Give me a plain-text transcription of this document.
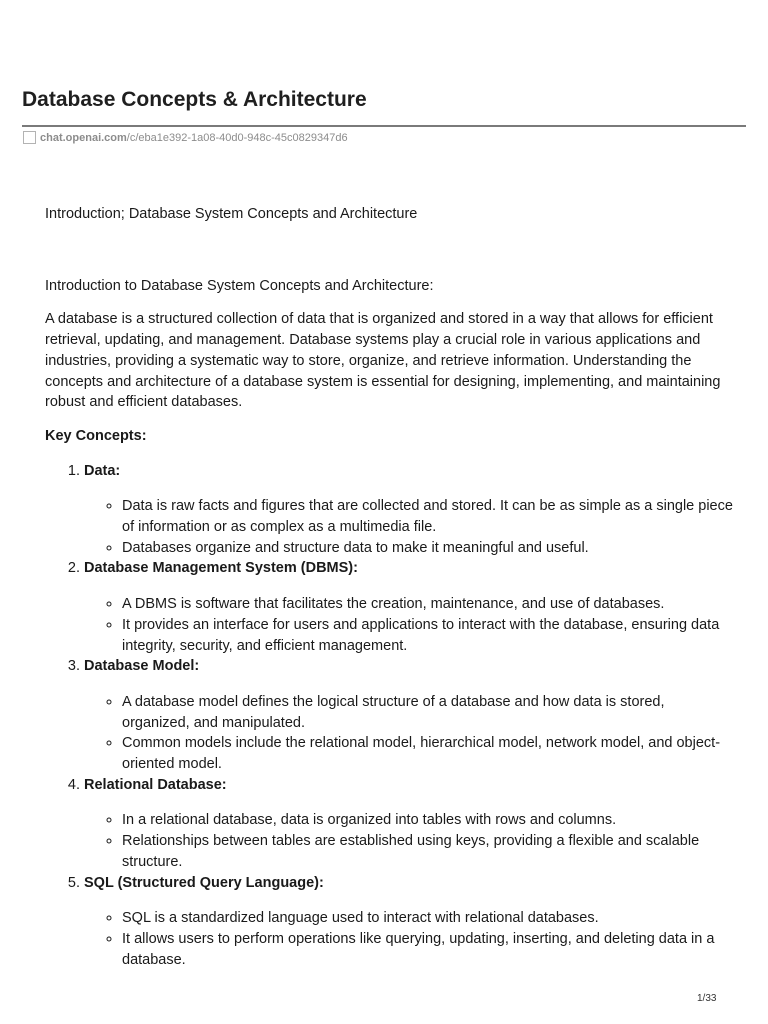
Database Concepts & Architecture
chat.openai.com /c/eba1e392-1a08-40d0-948c-45c0829347d6

Introduction; Database System Concepts and Architecture

Introduction to Database System Concepts and Architecture:

A database is a structured collection of data that is organized and stored in a way that allows for efficient retrieval, updating, and management. Database systems play a crucial role in various applications and industries, providing a systematic way to store, organize, and retrieve information. Understanding the concepts and architecture of a database system is essential for designing, implementing, and maintaining robust and efficient databases.

Key Concepts:

1. Data:
◦ Data is raw facts and figures that are collected and stored. It can be as simple as a single piece of information or as complex as a multimedia file.
◦ Databases organize and structure data to make it meaningful and useful.
2. Database Management System (DBMS):
◦ A DBMS is software that facilitates the creation, maintenance, and use of databases.
◦ It provides an interface for users and applications to interact with the database, ensuring data integrity, security, and efficient management.
3. Database Model:
◦ A database model defines the logical structure of a database and how data is stored, organized, and manipulated.
◦ Common models include the relational model, hierarchical model, network model, and object-oriented model.
4. Relational Database:
◦ In a relational database, data is organized into tables with rows and columns.
◦ Relationships between tables are established using keys, providing a flexible and scalable structure.
5. SQL (Structured Query Language):
◦ SQL is a standardized language used to interact with relational databases.
◦ It allows users to perform operations like querying, updating, inserting, and deleting data in a database.
1/33
